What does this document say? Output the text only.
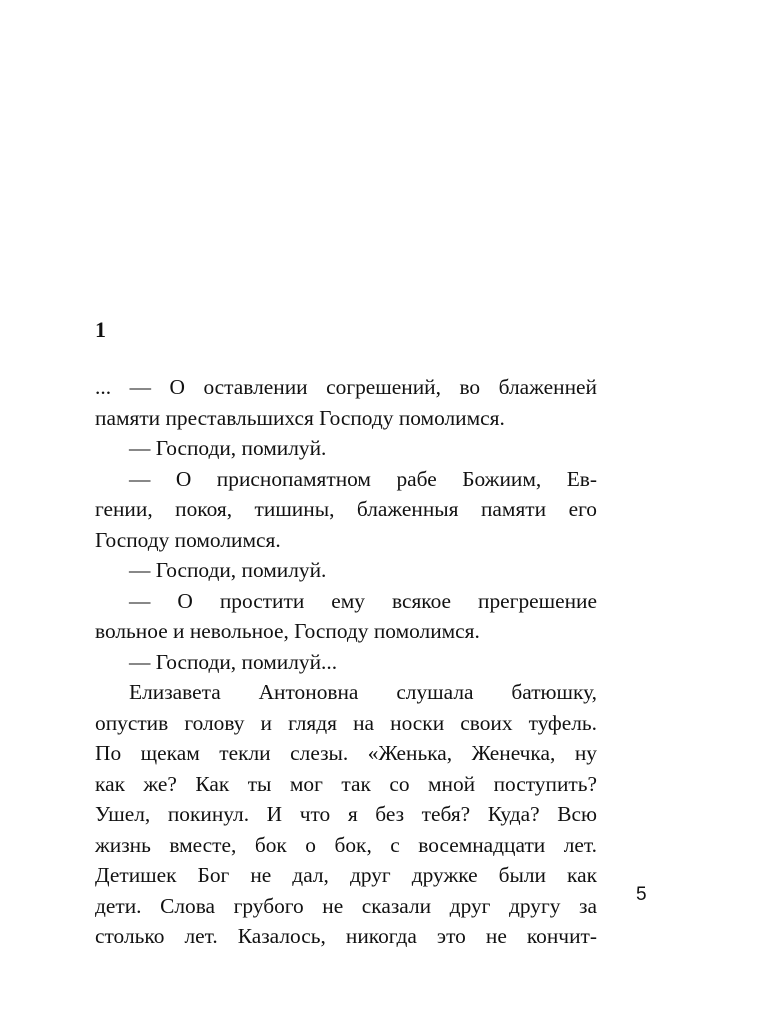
1
... — О оставлении согрешений, во блаженней
памяти преставльшихся Господу помолимся.
— Господи, помилуй.
— О приснопамятном рабе Божиим, Ев-
гении, покоя, тишины, блаженныя памяти его
Господу помолимся.
— Господи, помилуй.
— О простити ему всякое прегрешение
вольное и невольное, Господу помолимся.
— Господи, помилуй...
Елизавета Антоновна слушала батюшку,
опустив голову и глядя на носки своих туфель.
По щекам текли слезы. «Женька, Женечка, ну
как же? Как ты мог так со мной поступить?
Ушел, покинул. И что я без тебя? Куда? Всю
жизнь вместе, бок о бок, с восемнадцати лет.
Детишек Бог не дал, друг дружке были как
дети. Слова грубого не сказали друг другу за
столько лет. Казалось, никогда это не кончит-
5
